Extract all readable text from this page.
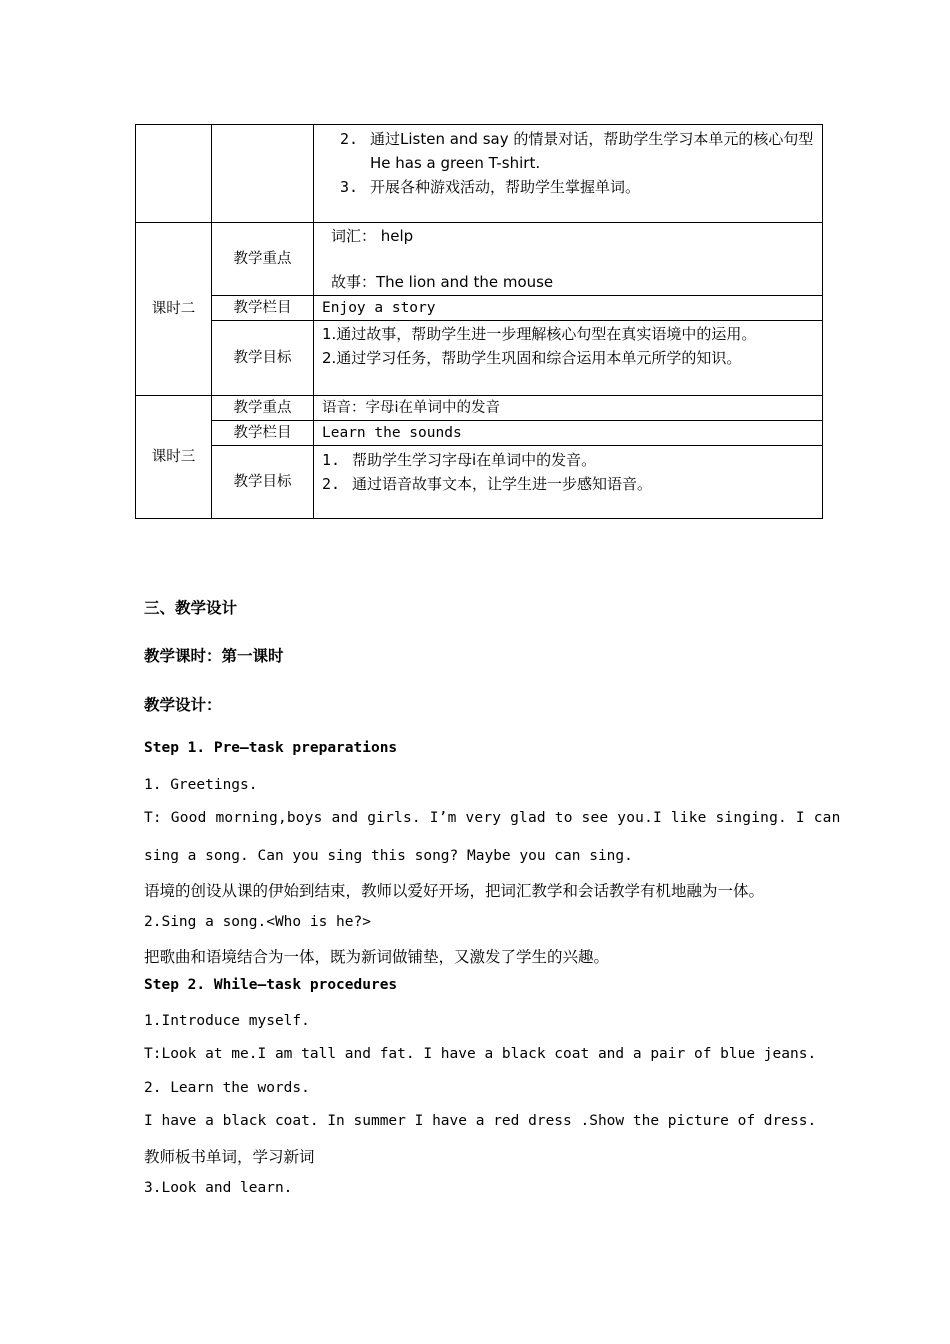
		2. 通过Listen and say 的情景对话，帮助学生学习本单元的核心句型He has a green T-shirt.
3. 开展各种游戏活动，帮助学生掌握单词。

课时二	教学重点	词汇： help
故事：The lion and the mouse

	教学栏目	Enjoy a story
	教学目标	1.通过故事，帮助学生进一步理解核心句型在真实语境中的运用。
2.通过学习任务，帮助学生巩固和综合运用本单元所学的知识。

课时三	教学重点	语音：字母i在单词中的发音
	教学栏目	Learn the sounds
	教学目标	1. 帮助学生学习字母i在单词中的发音。
2. 通过语音故事文本，让学生进一步感知语音。
三、教学设计
教学课时：第一课时
教学设计：
Step 1. Pre—task preparations
1. Greetings.
T: Good morning,boys and girls. I’m very glad to see you.I like singing. I can
sing a song. Can you sing this song? Maybe you can sing.
语境的创设从课的伊始到结束，教师以爱好开场，把词汇教学和会话教学有机地融为一体。
2.Sing a song.<Who is he?>
把歌曲和语境结合为一体，既为新词做铺垫，又激发了学生的兴趣。
Step 2. While—task procedures
1.Introduce myself.
T:Look at me.I am tall and fat. I have a black coat and a pair of blue jeans.
2. Learn the words.
I have a black coat. In summer I have a red dress .Show the picture of dress.
教师板书单词，学习新词
3.Look and learn.
